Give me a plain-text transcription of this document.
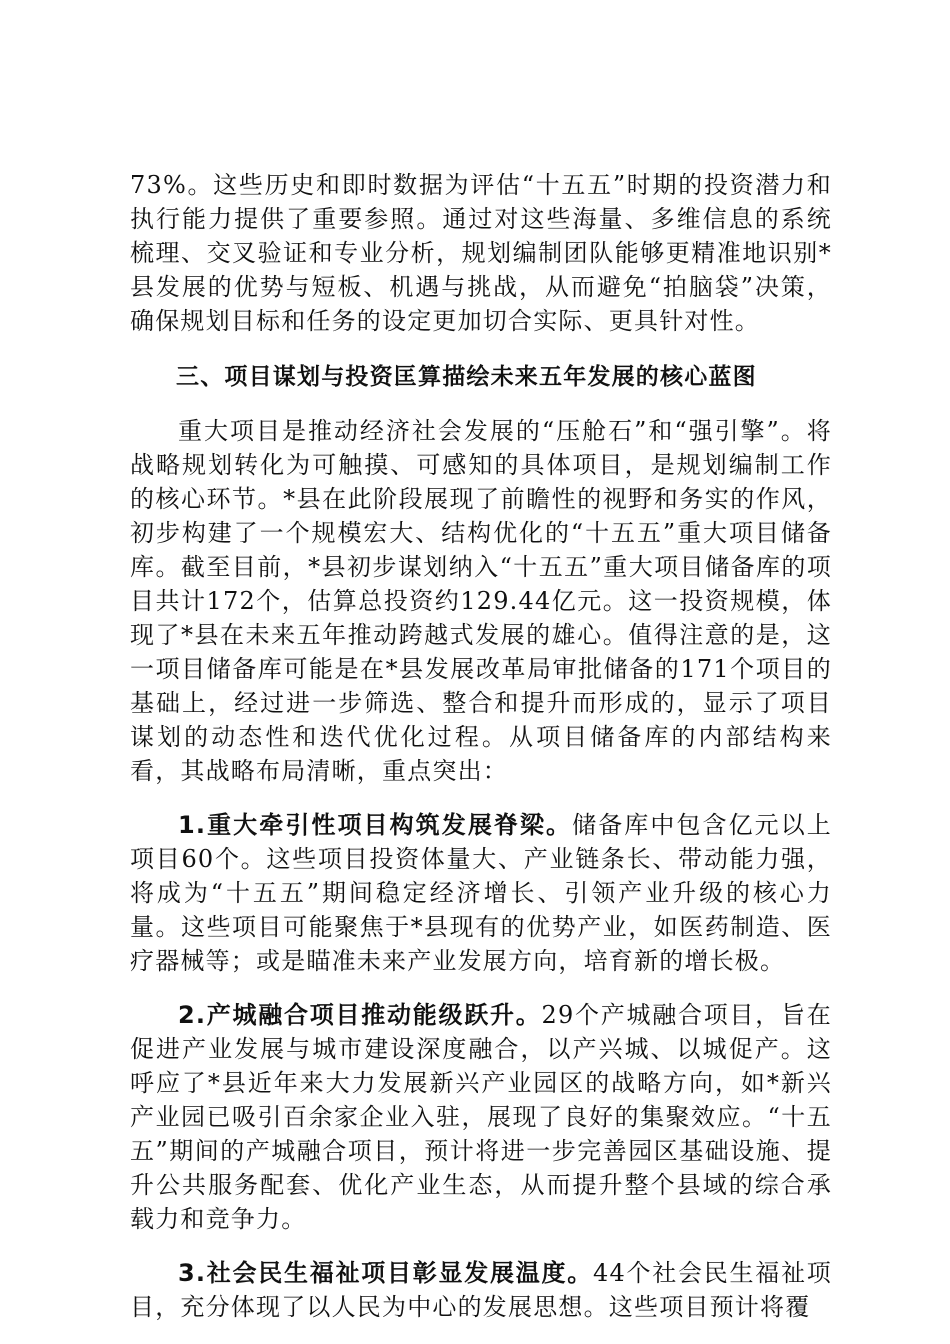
73%。这些历史和即时数据为评估“十五五”时期的投资潜力和执行能力提供了重要参照。通过对这些海量、多维信息的系统梳理、交叉验证和专业分析，规划编制团队能够更精准地识别*县发展的优势与短板、机遇与挑战，从而避免“拍脑袋”决策，确保规划目标和任务的设定更加切合实际、更具针对性。

三、项目谋划与投资匡算描绘未来五年发展的核心蓝图

重大项目是推动经济社会发展的“压舱石”和“强引擎”。将战略规划转化为可触摸、可感知的具体项目，是规划编制工作的核心环节。*县在此阶段展现了前瞻性的视野和务实的作风，初步构建了一个规模宏大、结构优化的“十五五”重大项目储备库。截至目前，*县初步谋划纳入“十五五”重大项目储备库的项目共计172个，估算总投资约129.44亿元。这一投资规模，体现了*县在未来五年推动跨越式发展的雄心。值得注意的是，这一项目储备库可能是在*县发展改革局审批储备的171个项目的基础上，经过进一步筛选、整合和提升而形成的，显示了项目谋划的动态性和迭代优化过程。从项目储备库的内部结构来看，其战略布局清晰，重点突出：

1.重大牵引性项目构筑发展脊梁。储备库中包含亿元以上项目60个。这些项目投资体量大、产业链条长、带动能力强，将成为“十五五”期间稳定经济增长、引领产业升级的核心力量。这些项目可能聚焦于*县现有的优势产业，如医药制造、医疗器械等；或是瞄准未来产业发展方向，培育新的增长极。

2.产城融合项目推动能级跃升。29个产城融合项目，旨在促进产业发展与城市建设深度融合，以产兴城、以城促产。这呼应了*县近年来大力发展新兴产业园区的战略方向，如*新兴产业园已吸引百余家企业入驻，展现了良好的集聚效应。“十五五”期间的产城融合项目，预计将进一步完善园区基础设施、提升公共服务配套、优化产业生态，从而提升整个县域的综合承载力和竞争力。

3.社会民生福祉项目彰显发展温度。44个社会民生福祉项目，充分体现了以人民为中心的发展思想。这些项目预计将覆
